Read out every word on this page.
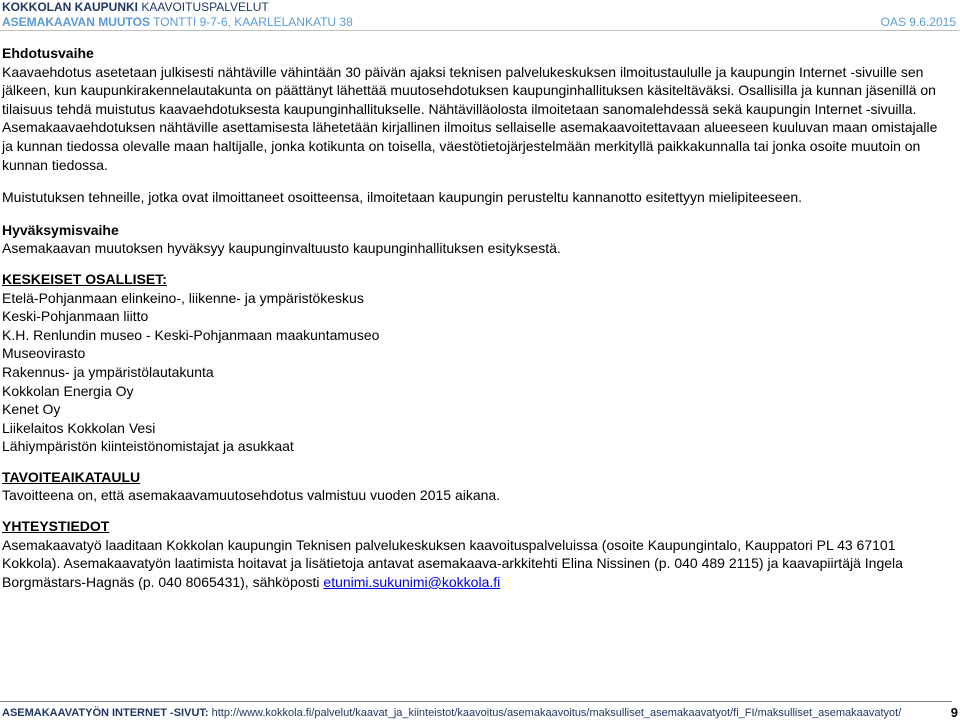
KOKKOLAN KAUPUNKI KAAVOITUSPALVELUT
ASEMAKAAVAN MUUTOS TONTTI 9-7-6, KAARLELANKATU 38	OAS 9.6.2015

Ehdotusvaihe

Kaavaehdotus asetetaan julkisesti nähtäville vähintään 30 päivän ajaksi teknisen palvelukeskuksen ilmoitustaululle ja kaupungin Internet -sivuille sen jälkeen, kun kaupunkirakennelautakunta on päättänyt lähettää muutosehdotuksen kaupunginhallituksen käsiteltäväksi. Osallisilla ja kunnan jäsenillä on tilaisuus tehdä muistutus kaavaehdotuksesta kaupunginhallitukselle. Nähtävilläolosta ilmoitetaan sanomalehdessä sekä kaupungin Internet -sivuilla. Asemakaavaehdotuksen nähtäville asettamisesta lähetetään kirjallinen ilmoitus sellaiselle asemakaavoitettavaan alueeseen kuuluvan maan omistajalle ja kunnan tiedossa olevalle maan haltijalle, jonka kotikunta on toisella, väestötietojärjestelmään merkityllä paikkakunnalla tai jonka osoite muutoin on kunnan tiedossa.

Muistutuksen tehneille, jotka ovat ilmoittaneet osoitteensa, ilmoitetaan kaupungin perusteltu kannanotto esitettyyn mielipiteeseen.

Hyväksymisvaihe

Asemakaavan muutoksen hyväksyy kaupunginvaltuusto kaupunginhallituksen esityksestä.

KESKEISET OSALLISET:

Etelä-Pohjanmaan elinkeino-, liikenne- ja ympäristökeskus

Keski-Pohjanmaan liitto

K.H. Renlundin museo - Keski-Pohjanmaan maakuntamuseo

Museovirasto

Rakennus- ja ympäristölautakunta

Kokkolan Energia Oy

Kenet Oy

Liikelaitos Kokkolan Vesi

Lähiympäristön kiinteistönomistajat ja asukkaat

TAVOITEAIKATAULU

Tavoitteena on, että asemakaavamuutosehdotus valmistuu vuoden 2015 aikana.

YHTEYSTIEDOT

Asemakaavatyö laaditaan Kokkolan kaupungin Teknisen palvelukeskuksen kaavoituspalveluissa (osoite Kaupungintalo, Kauppatori PL 43 67101 Kokkola). Asemakaavatyön laatimista hoitavat ja lisätietoja antavat asemakaava-arkkitehti Elina Nissinen (p. 040 489 2115) ja kaavapiirtäjä Ingela Borgmästars-Hagnäs (p. 040 8065431), sähköposti etunimi.sukunimi@kokkola.fi

ASEMAKAAVATYÖN INTERNET -SIVUT: http://www.kokkola.fi/palvelut/kaavat_ja_kiinteistot/kaavoitus/asemakaavoitus/maksulliset_asemakaavatyot/fi_FI/maksulliset_asemakaavatyot/	9
